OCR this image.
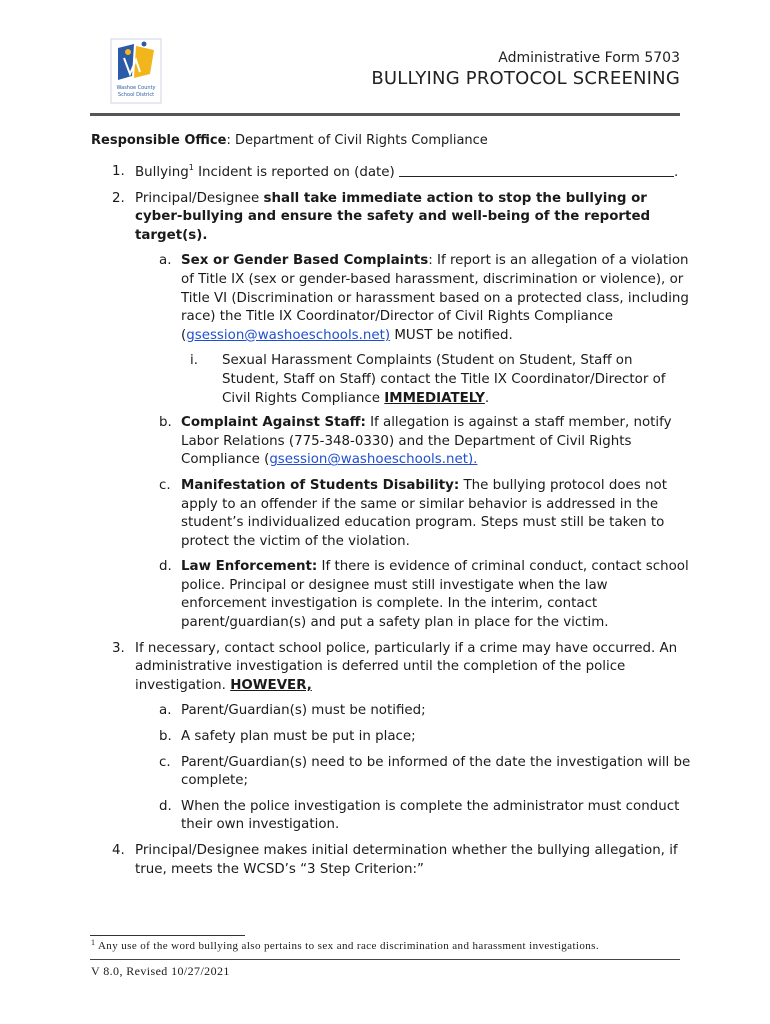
Washoe County
School District
Administrative Form 5703
BULLYING PROTOCOL SCREENING
Responsible Office: Department of Civil Rights Compliance
1. Bullying$^1$ Incident is reported on (date)	.
2. Principal/Designee shall take immediate action to stop the bullying or cyber-bullying and ensure the safety and well-being of the reported target(s).
a. Sex or Gender Based Complaints: If report is an allegation of a violation of Title IX (sex or gender-based harassment, discrimination or violence), or Title VI (Discrimination or harassment based on a protected class, including race) the Title IX Coordinator/Director of Civil Rights Compliance (gsession@washoeschools.net) MUST be notified.
i. Sexual Harassment Complaints (Student on Student, Staff on Student, Staff on Staff) contact the Title IX Coordinator/Director of Civil Rights Compliance IMMEDIATELY.
b. Complaint Against Staff: If allegation is against a staff member, notify Labor Relations (775-348-0330) and the Department of Civil Rights Compliance (gsession@washoeschools.net).
c. Manifestation of Students Disability: The bullying protocol does not apply to an offender if the same or similar behavior is addressed in the student’s individualized education program. Steps must still be taken to protect the victim of the violation.
d. Law Enforcement: If there is evidence of criminal conduct, contact school police. Principal or designee must still investigate when the law enforcement investigation is complete. In the interim, contact parent/guardian(s) and put a safety plan in place for the victim.
3. If necessary, contact school police, particularly if a crime may have occurred. An administrative investigation is deferred until the completion of the police investigation. HOWEVER,
a. Parent/Guardian(s) must be notified;
b. A safety plan must be put in place;
c. Parent/Guardian(s) need to be informed of the date the investigation will be complete;
d. When the police investigation is complete the administrator must conduct their own investigation.
4. Principal/Designee makes initial determination whether the bullying allegation, if true, meets the WCSD’s “3 Step Criterion:”
$^1$ Any use of the word bullying also pertains to sex and race discrimination and harassment investigations.
V 8.0, Revised 10/27/2021
